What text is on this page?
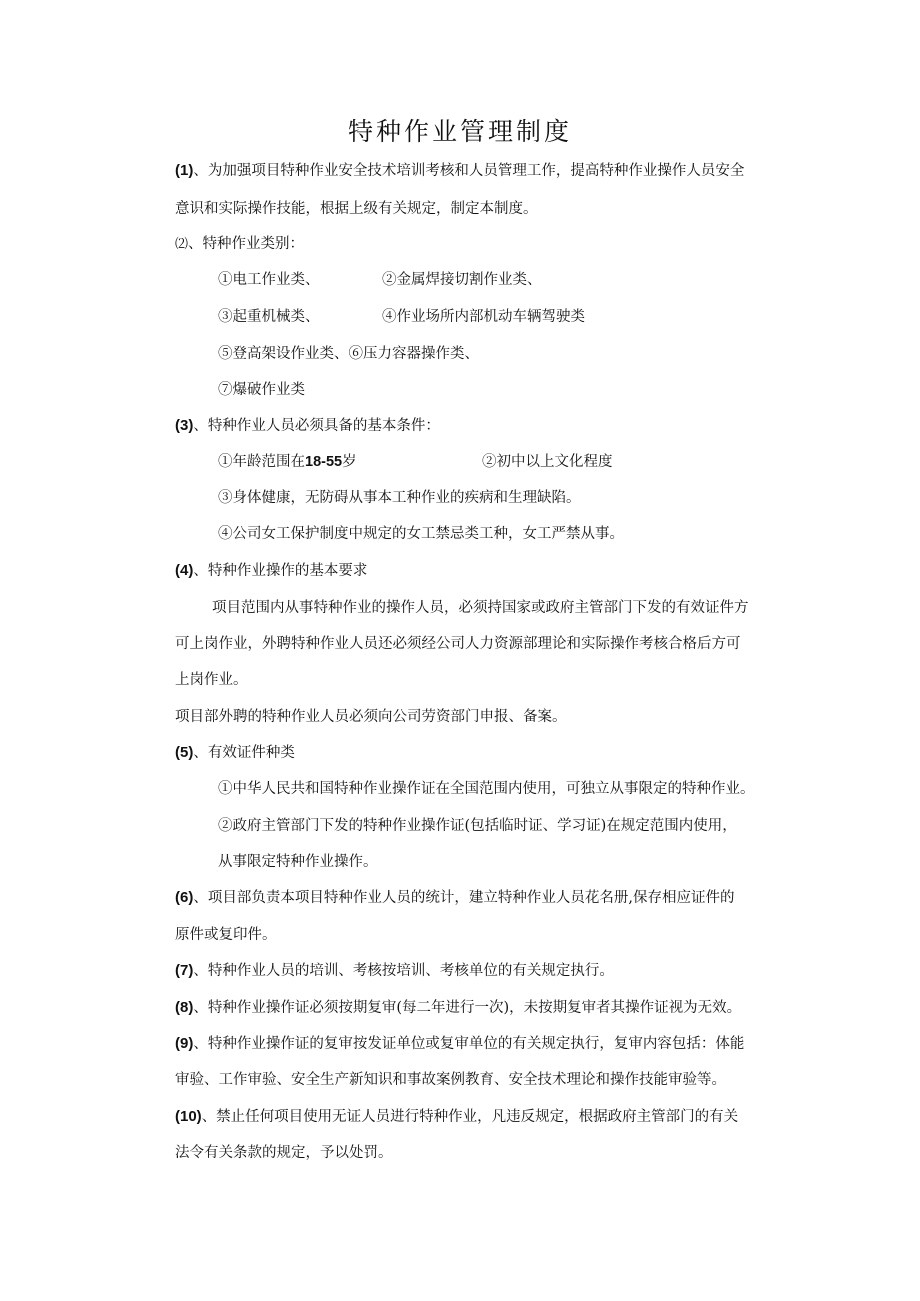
特种作业管理制度
(1)、为加强项目特种作业安全技术培训考核和人员管理工作，提高特种作业操作人员安全
意识和实际操作技能，根据上级有关规定，制定本制度。
⑵、特种作业类别：
①电工作业类、	②金属焊接切割作业类、
③起重机械类、	④作业场所内部机动车辆驾驶类
⑤登高架设作业类、⑥压力容器操作类、
⑦爆破作业类
(3)、特种作业人员必须具备的基本条件：
①年龄范围在18-55岁	②初中以上文化程度
③身体健康，无防碍从事本工种作业的疾病和生理缺陷。
④公司女工保护制度中规定的女工禁忌类工种，女工严禁从事。
(4)、特种作业操作的基本要求
项目范围内从事特种作业的操作人员，必须持国家或政府主管部门下发的有效证件方
可上岗作业，外聘特种作业人员还必须经公司人力资源部理论和实际操作考核合格后方可
上岗作业。
项目部外聘的特种作业人员必须向公司劳资部门申报、备案。
(5)、有效证件种类
①中华人民共和国特种作业操作证在全国范围内使用，可独立从事限定的特种作业。
②政府主管部门下发的特种作业操作证(包括临时证、学习证)在规定范围内使用，
从事限定特种作业操作。
(6)、项目部负责本项目特种作业人员的统计，建立特种作业人员花名册,保存相应证件的
原件或复印件。
(7)、特种作业人员的培训、考核按培训、考核单位的有关规定执行。
(8)、特种作业操作证必须按期复审(每二年进行一次)，未按期复审者其操作证视为无效。
(9)、特种作业操作证的复审按发证单位或复审单位的有关规定执行，复审内容包括：体能
审验、工作审验、安全生产新知识和事故案例教育、安全技术理论和操作技能审验等。
(10)、禁止任何项目使用无证人员进行特种作业，凡违反规定，根据政府主管部门的有关
法令有关条款的规定，予以处罚。
